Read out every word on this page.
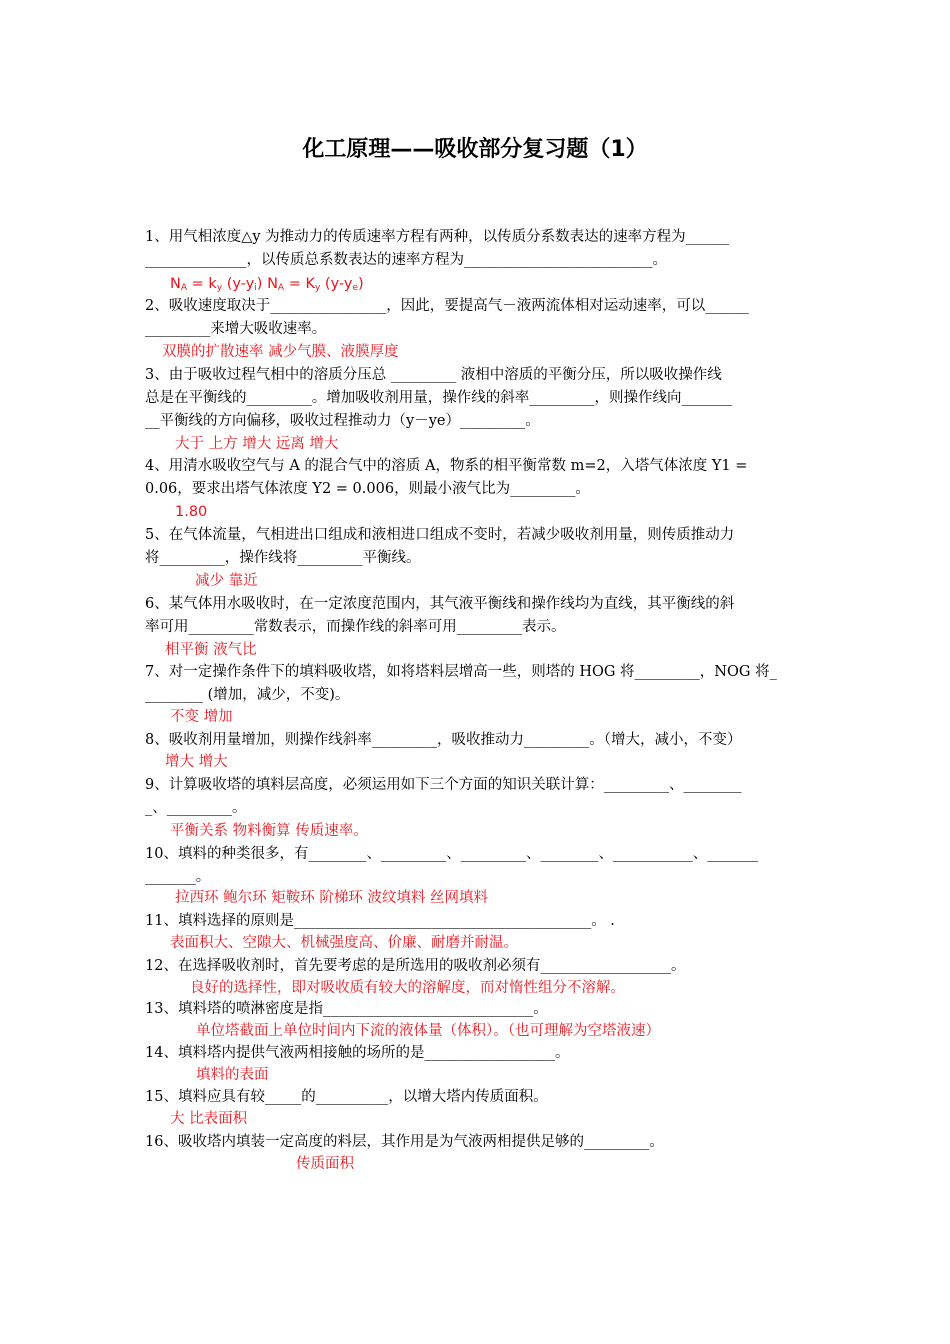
化工原理——吸收部分复习题（1）
1、用气相浓度△y 为推动力的传质速率方程有两种，以传质分系数表达的速率方程为______
______________，以传质总系数表达的速率方程为__________________________。
$N_A = k_y$ $(y-y_i) N_A = K_y$ $(y-y_e)$
2、吸收速度取决于________________，因此，要提高气－液两流体相对运动速率，可以______
_________来增大吸收速率。
双膜的扩散速率 减少气膜、液膜厚度
3、由于吸收过程气相中的溶质分压总 _________ 液相中溶质的平衡分压，所以吸收操作线
总是在平衡线的_________。增加吸收剂用量，操作线的斜率_________，则操作线向_______
__平衡线的方向偏移，吸收过程推动力（y－ye）_________。
大于 上方 增大 远离 增大
4、用清水吸收空气与 A 的混合气中的溶质 A，物系的相平衡常数 m=2，入塔气体浓度 Y1 =
0.06，要求出塔气体浓度 Y2 = 0.006，则最小液气比为_________。
1.80
5、在气体流量，气相进出口组成和液相进口组成不变时，若减少吸收剂用量，则传质推动力
将_________，操作线将_________平衡线。
减少 靠近
6、某气体用水吸收时，在一定浓度范围内，其气液平衡线和操作线均为直线，其平衡线的斜
率可用_________常数表示，而操作线的斜率可用_________表示。
相平衡 液气比
7、对一定操作条件下的填料吸收塔，如将塔料层增高一些，则塔的 HOG 将_________，NOG 将_
________ (增加，减少，不变)。
不变 增加
8、吸收剂用量增加，则操作线斜率_________，吸收推动力_________。（增大，减小，不变）
增大 增大
9、计算吸收塔的填料层高度，必须运用如下三个方面的知识关联计算：_________、________
_、_________。
平衡关系 物料衡算 传质速率。
10、填料的种类很多，有________、_________、_________、________、___________、_______
_______。
拉西环 鲍尔环 矩鞍环 阶梯环 波纹填料 丝网填料
11、填料选择的原则是_________________________________________。 .
表面积大、空隙大、机械强度高、价廉、耐磨并耐温。
12、在选择吸收剂时，首先要考虑的是所选用的吸收剂必须有__________________。
良好的选择性，即对吸收质有较大的溶解度，而对惰性组分不溶解。
13、填料塔的喷淋密度是指_____________________________。
单位塔截面上单位时间内下流的液体量（体积）。（也可理解为空塔液速）
14、填料塔内提供气液两相接触的场所的是__________________。
填料的表面
15、填料应具有较_____的__________，以增大塔内传质面积。
大 比表面积
16、吸收塔内填装一定高度的料层，其作用是为气液两相提供足够的_________。
传质面积
